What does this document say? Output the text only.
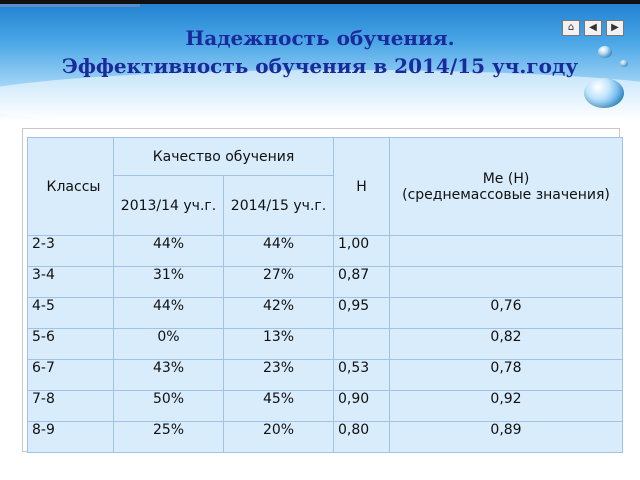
⌂	◀	▶
Надежность обучения.
Эффективность обучения в 2014/15 уч.году
Классы	Качество обучения		Н	Ме (Н)
(среднемассовые значения)

	2013/14 уч.г.	2014/15 уч.г.		
2-3	44%	44%	1,00	
3-4	31%	27%	0,87	
4-5	44%	42%	0,95	0,76
5-6	0%	13%		0,82
6-7	43%	23%	0,53	0,78
7-8	50%	45%	0,90	0,92
8-9	25%	20%	0,80	0,89
